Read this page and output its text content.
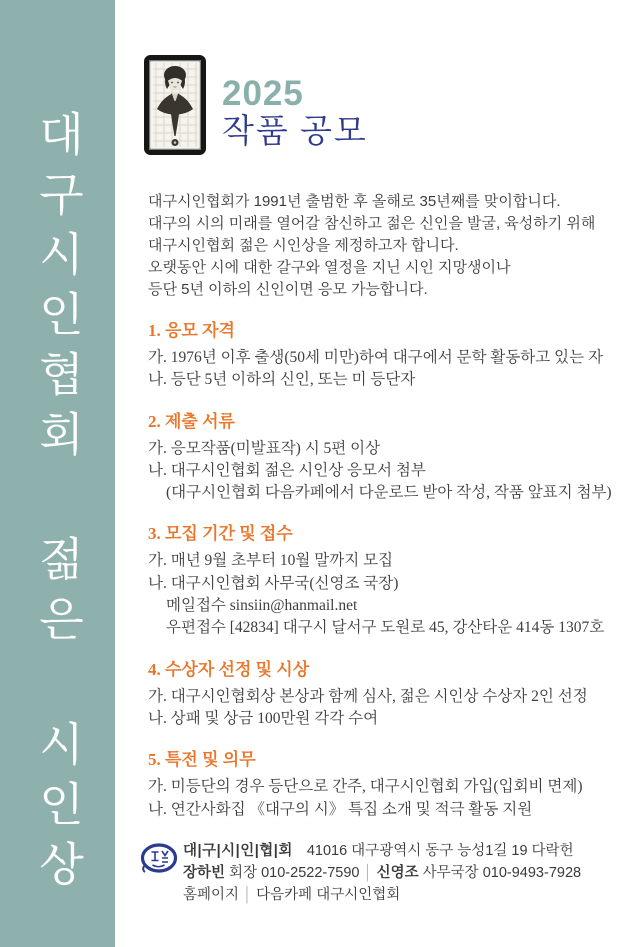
대구시인협회 젊은 시인상
2025
작품 공모
대구시인협회가 1991년 출범한 후 올해로 35년째를 맞이합니다.
대구의 시의 미래를 열어갈 참신하고 젊은 신인을 발굴, 육성하기 위해
대구시인협회 젊은 시인상을 제정하고자 합니다.
오랫동안 시에 대한 갈구와 열정을 지닌 시인 지망생이나
등단 5년 이하의 신인이면 응모 가능합니다.
1. 응모 자격
가. 1976년 이후 출생(50세 미만)하여 대구에서 문학 활동하고 있는 자
나. 등단 5년 이하의 신인, 또는 미 등단자
2. 제출 서류
가. 응모작품(미발표작) 시 5편 이상
나. 대구시인협회 젊은 시인상 응모서 첨부
(대구시인협회 다음카페에서 다운로드 받아 작성, 작품 앞표지 첨부)
3. 모집 기간 및 접수
가. 매년 9월 초부터 10월 말까지 모집
나. 대구시인협회 사무국(신영조 국장)
메일접수 sinsiin@hanmail.net
우편접수 [42834] 대구시 달서구 도원로 45, 강산타운 414동 1307호
4. 수상자 선정 및 시상
가. 대구시인협회상 본상과 함께 심사, 젊은 시인상 수상자 2인 선정
나. 상패 및 상금 100만원 각각 수여
5. 특전 및 의무
가. 미등단의 경우 등단으로 간주, 대구시인협회 가입(입회비 면제)
나. 연간사화집 《대구의 시》 특집 소개 및 적극 활동 지원
대|구|시|인|협|회 41016 대구광역시 동구 능성1길 19 다락헌
장하빈 회장 010-2522-7590 │ 신영조 사무국장 010-9493-7928
홈페이지 │ 다음카페 대구시인협회
